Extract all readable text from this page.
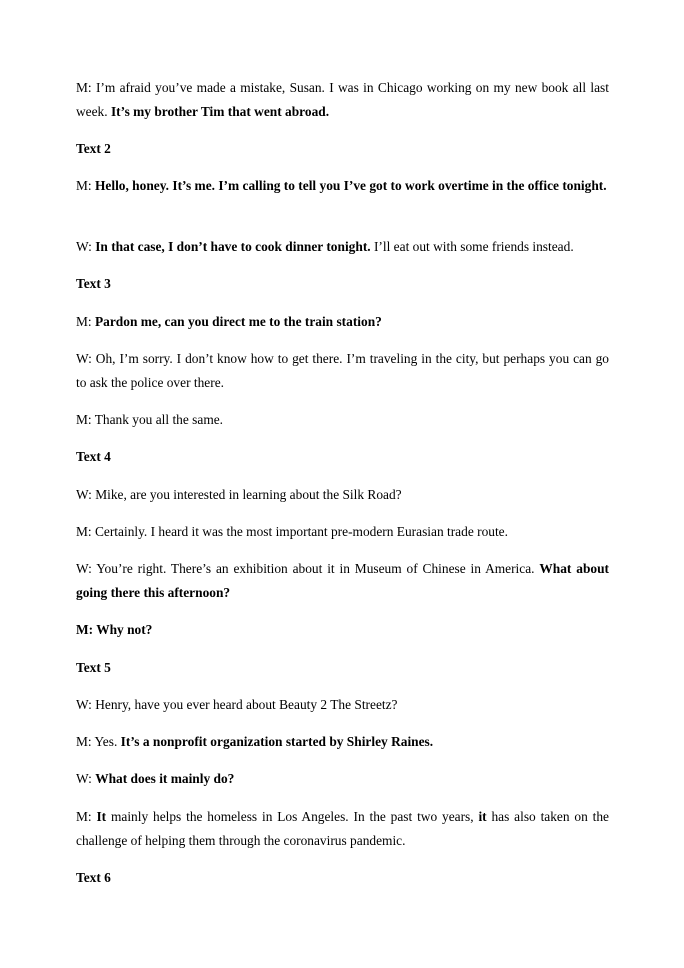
M: I’m afraid you’ve made a mistake, Susan. I was in Chicago working on my new book all last week. It’s my brother Tim that went abroad.

Text 2

M: Hello, honey. It’s me. I’m calling to tell you I’ve got to work overtime in the office tonight.

W: In that case, I don’t have to cook dinner tonight. I’ll eat out with some friends instead.

Text 3

M: Pardon me, can you direct me to the train station?

W: Oh, I’m sorry. I don’t know how to get there. I’m traveling in the city, but perhaps you can go to ask the police over there.

M: Thank you all the same.

Text 4

W: Mike, are you interested in learning about the Silk Road?

M: Certainly. I heard it was the most important pre-modern Eurasian trade route.

W: You’re right. There’s an exhibition about it in Museum of Chinese in America. What about going there this afternoon?

M: Why not?

Text 5

W: Henry, have you ever heard about Beauty 2 The Streetz?

M: Yes. It’s a nonprofit organization started by Shirley Raines.

W: What does it mainly do?

M: It mainly helps the homeless in Los Angeles. In the past two years, it has also taken on the challenge of helping them through the coronavirus pandemic.

Text 6
